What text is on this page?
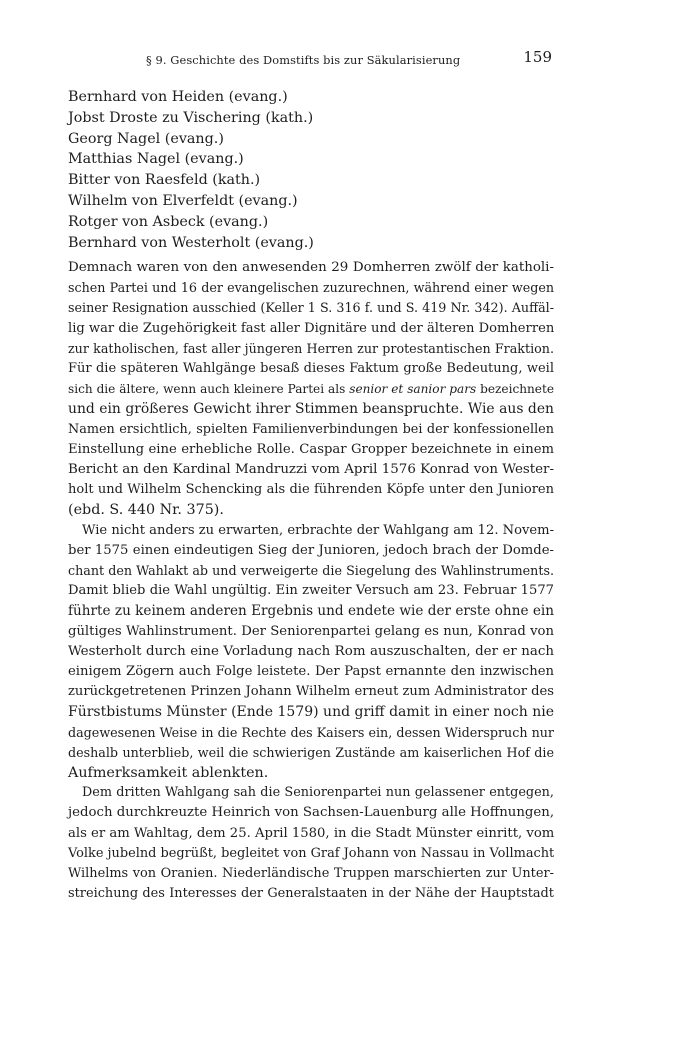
§ 9. Geschichte des Domstifts bis zur Säkularisierung	159
Bernhard von Heiden (evang.)
Jobst Droste zu Vischering (kath.)
Georg Nagel (evang.)
Matthias Nagel (evang.)
Bitter von Raesfeld (kath.)
Wilhelm von Elverfeldt (evang.)
Rotger von Asbeck (evang.)
Bernhard von Westerholt (evang.)

Demnach waren von den anwesenden 29 Domherren zwölf der katholi-
schen Partei und 16 der evangelischen zuzurechnen, während einer wegen
seiner Resignation ausschied (Keller 1 S. 316 f. und S. 419 Nr. 342). Auffäl-
lig war die Zugehörigkeit fast aller Dignitäre und der älteren Domherren
zur katholischen, fast aller jüngeren Herren zur protestantischen Fraktion.
Für die späteren Wahlgänge besaß dieses Faktum große Bedeutung, weil
sich die ältere, wenn auch kleinere Partei als senior et sanior pars bezeichnete
und ein größeres Gewicht ihrer Stimmen beanspruchte. Wie aus den
Namen ersichtlich, spielten Familienverbindungen bei der konfessionellen
Einstellung eine erhebliche Rolle. Caspar Gropper bezeichnete in einem
Bericht an den Kardinal Mandruzzi vom April 1576 Konrad von Wester-
holt und Wilhelm Schencking als die führenden Köpfe unter den Junioren
(ebd. S. 440 Nr. 375).

Wie nicht anders zu erwarten, erbrachte der Wahlgang am 12. Novem-
ber 1575 einen eindeutigen Sieg der Junioren, jedoch brach der Domde-
chant den Wahlakt ab und verweigerte die Siegelung des Wahlinstruments.
Damit blieb die Wahl ungültig. Ein zweiter Versuch am 23. Februar 1577
führte zu keinem anderen Ergebnis und endete wie der erste ohne ein
gültiges Wahlinstrument. Der Seniorenpartei gelang es nun, Konrad von
Westerholt durch eine Vorladung nach Rom auszuschalten, der er nach
einigem Zögern auch Folge leistete. Der Papst ernannte den inzwischen
zurückgetretenen Prinzen Johann Wilhelm erneut zum Administrator des
Fürstbistums Münster (Ende 1579) und griff damit in einer noch nie
dagewesenen Weise in die Rechte des Kaisers ein, dessen Widerspruch nur
deshalb unterblieb, weil die schwierigen Zustände am kaiserlichen Hof die
Aufmerksamkeit ablenkten.

Dem dritten Wahlgang sah die Seniorenpartei nun gelassener entgegen,
jedoch durchkreuzte Heinrich von Sachsen-Lauenburg alle Hoffnungen,
als er am Wahltag, dem 25. April 1580, in die Stadt Münster einritt, vom
Volke jubelnd begrüßt, begleitet von Graf Johann von Nassau in Vollmacht
Wilhelms von Oranien. Niederländische Truppen marschierten zur Unter-
streichung des Interesses der Generalstaaten in der Nähe der Hauptstadt
